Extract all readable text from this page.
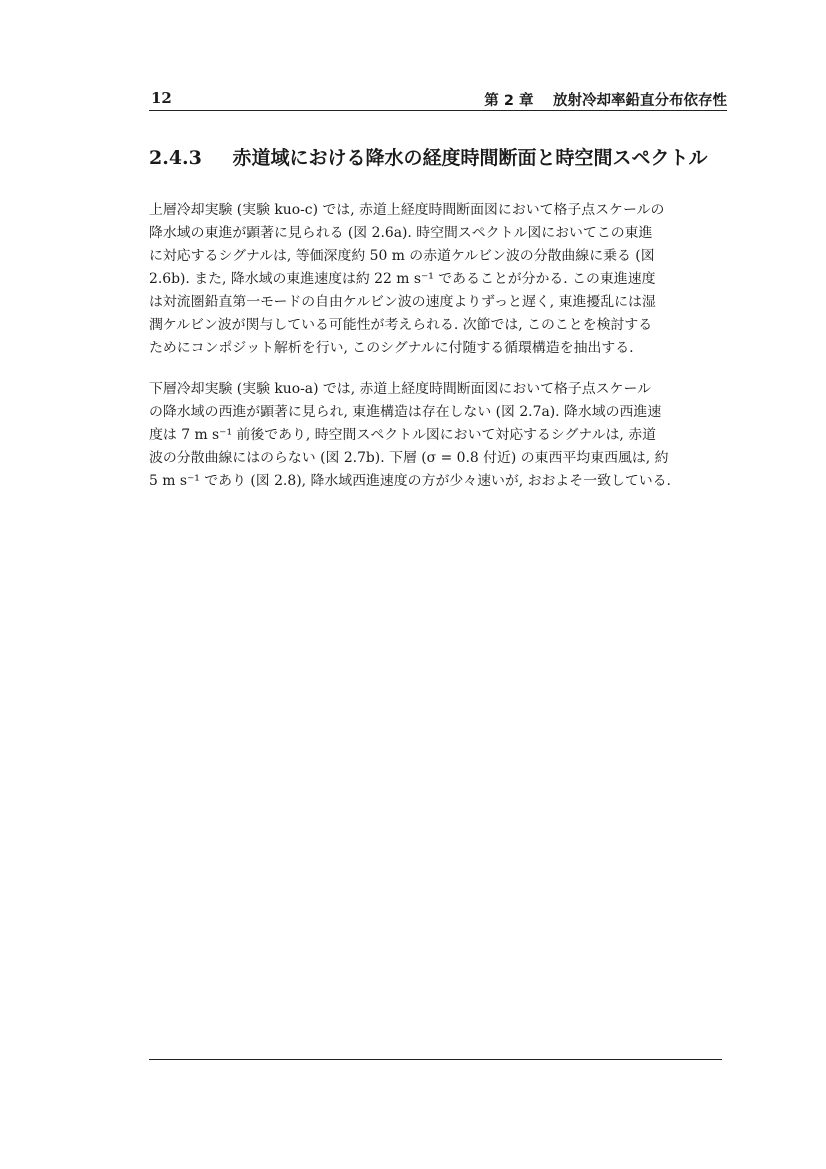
12	第 2 章　 放射冷却率鉛直分布依存性
2.4.3 赤道域における降水の経度時間断面と時空間スペクトル

上層冷却実験 (実験 kuo-c) では, 赤道上経度時間断面図において格子点スケールの
降水域の東進が顕著に見られる (図 2.6a). 時空間スペクトル図においてこの東進
に対応するシグナルは, 等価深度約 50 m の赤道ケルビン波の分散曲線に乗る (図
2.6b). また, 降水域の東進速度は約 22 m s⁻¹ であることが分かる. この東進速度
は対流圏鉛直第一モードの自由ケルビン波の速度よりずっと遅く, 東進擾乱には湿
潤ケルビン波が関与している可能性が考えられる. 次節では, このことを検討する
ためにコンポジット解析を行い, このシグナルに付随する循環構造を抽出する.

下層冷却実験 (実験 kuo-a) では, 赤道上経度時間断面図において格子点スケール
の降水域の西進が顕著に見られ, 東進構造は存在しない (図 2.7a). 降水域の西進速
度は 7 m s⁻¹ 前後であり, 時空間スペクトル図において対応するシグナルは, 赤道
波の分散曲線にはのらない (図 2.7b). 下層 (σ = 0.8 付近) の東西平均東西風は, 約
5 m s⁻¹ であり (図 2.8), 降水域西進速度の方が少々速いが, おおよそ一致している.
